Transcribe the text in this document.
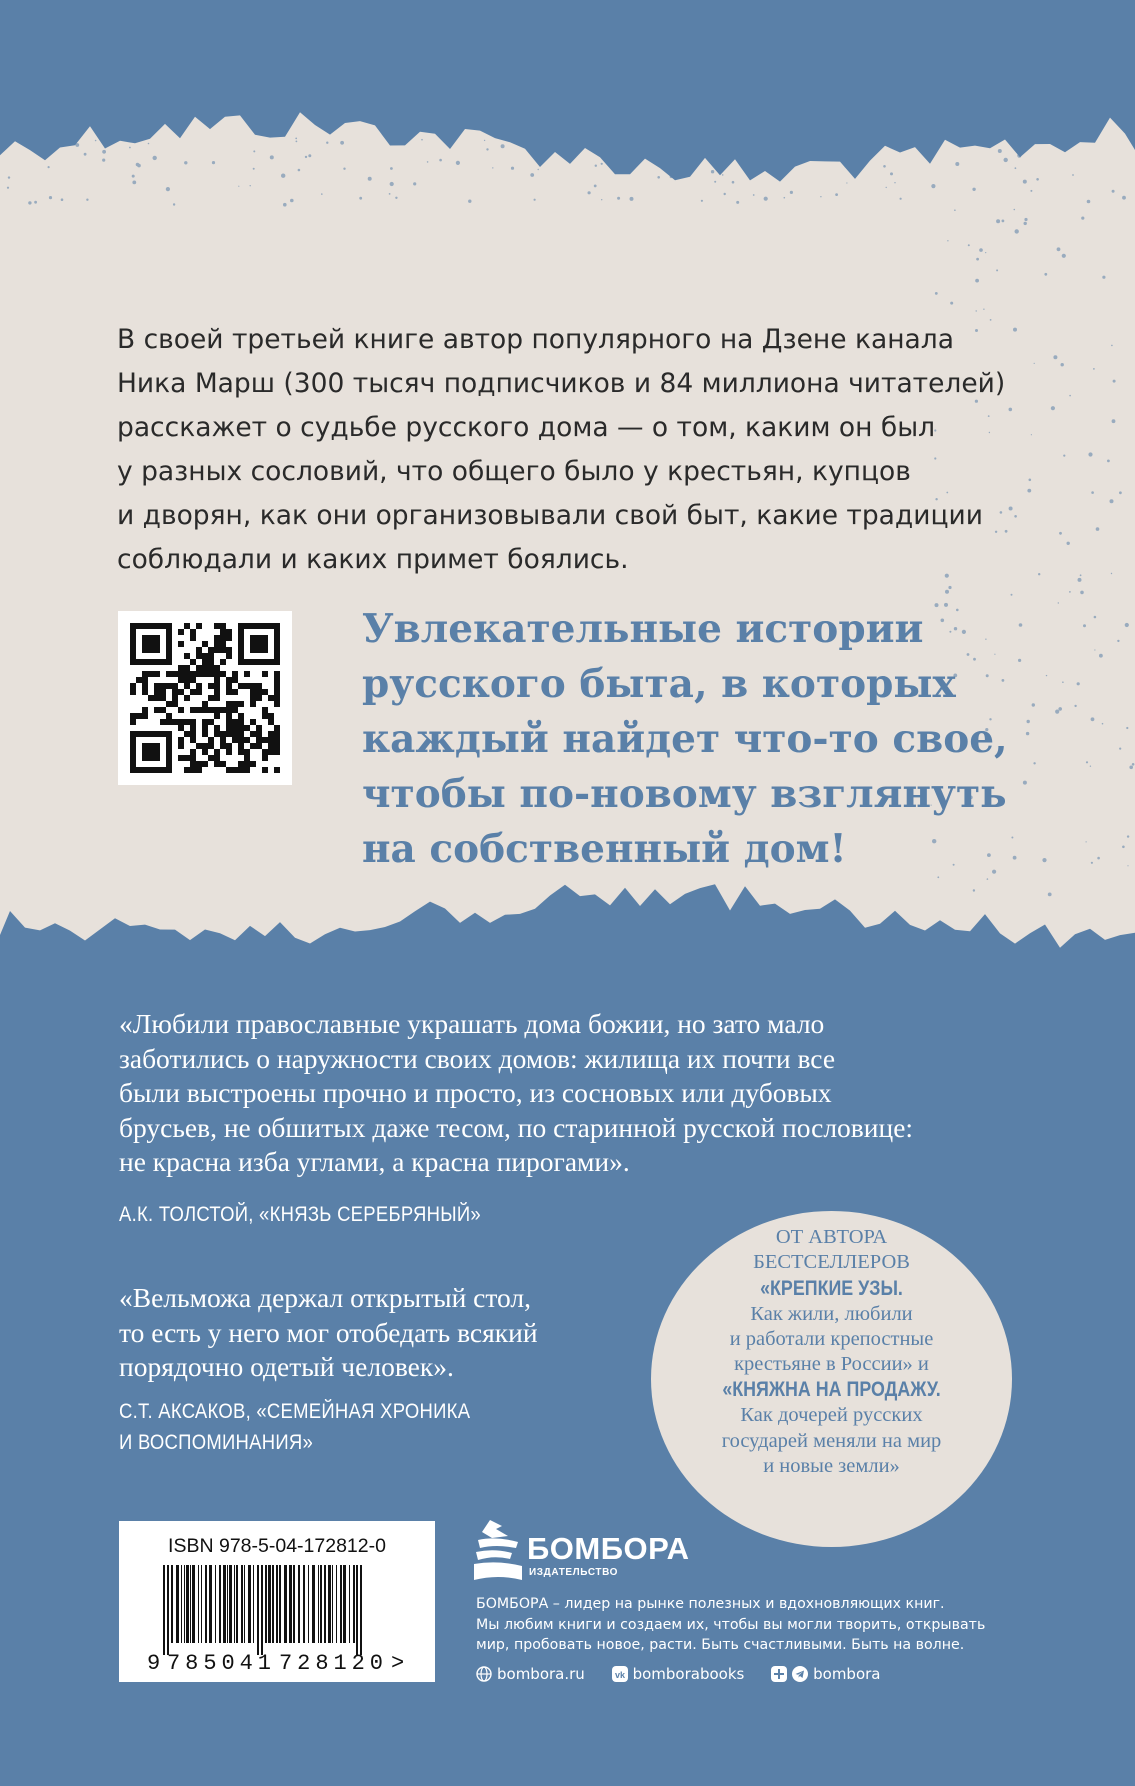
В своей третьей книге автор популярного на Дзене канала
Ника Марш (300 тысяч подписчиков и 84 миллиона читателей)
расскажет о судьбе русского дома — о том, каким он был
у разных сословий, что общего было у крестьян, купцов
и дворян, как они организовывали свой быт, какие традиции
соблюдали и каких примет боялись.
Увлекательные истории
русского быта, в которых
каждый найдет что-то свое,
чтобы по-новому взглянуть
на собственный дом!
«Любили православные украшать дома божии, но зато мало
заботились о наружности своих домов: жилища их почти все
были выстроены прочно и просто, из сосновых или дубовых
брусьев, не обшитых даже тесом, по старинной русской пословице:
не красна изба углами, а красна пирогами».
А.К. ТОЛСТОЙ, «КНЯЗЬ СЕРЕБРЯНЫЙ»
«Вельможа держал открытый стол,
то есть у него мог отобедать всякий
порядочно одетый человек».
С.Т. АКСАКОВ, «СЕМЕЙНАЯ ХРОНИКА
И ВОСПОМИНАНИЯ»
ОТ АВТОРА
БЕСТСЕЛЛЕРОВ
«КРЕПКИЕ УЗЫ.
Как жили, любили
и работали крепостные
крестьяне в России» и
«КНЯЖНА НА ПРОДАЖУ.
Как дочерей русских
государей меняли на мир
и новые земли»
ISBN 978-5-04-172812-0
9 785041 728120 >
БОМБОРА
ИЗДАТЕЛЬСТВО
БОМБОРА – лидер на рынке полезных и вдохновляющих книг.
Мы любим книги и создаем их, чтобы вы могли творить, открывать
мир, пробовать новое, расти. Быть счастливыми. Быть на волне.
bombora.ru	vk bomborabooks	bombora
